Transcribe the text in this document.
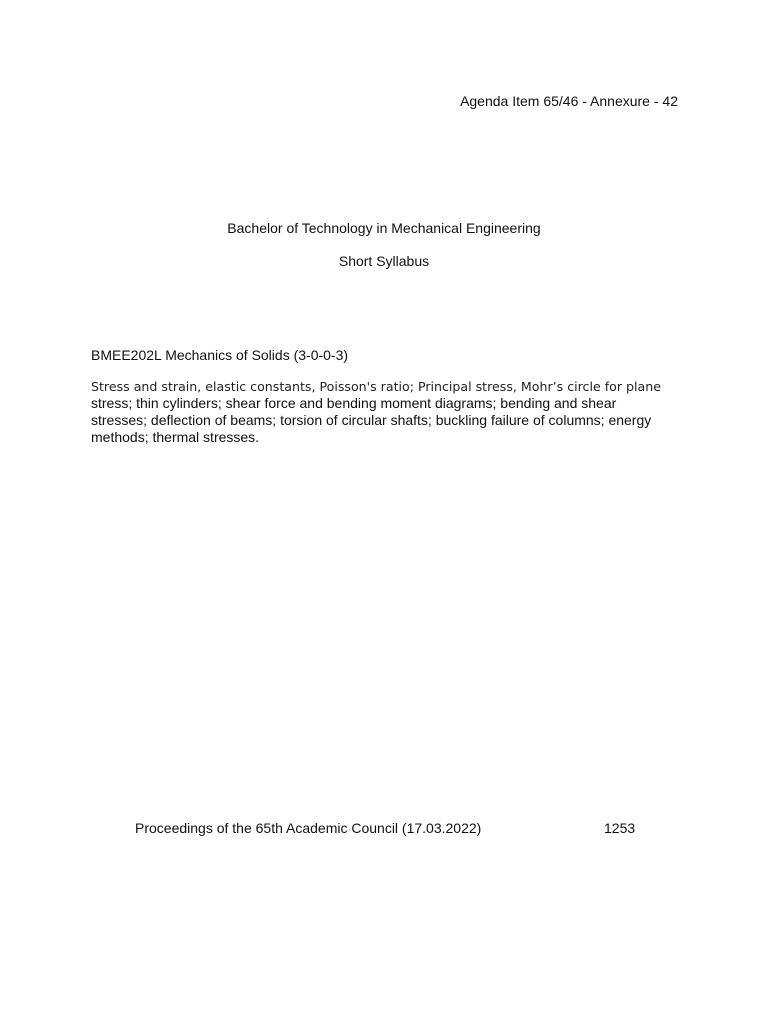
Agenda Item 65/46 - Annexure - 42
Bachelor of Technology in Mechanical Engineering
Short Syllabus
BMEE202L Mechanics of Solids (3-0-0-3)
Stress and strain, elastic constants, Poisson's ratio; Principal stress, Mohr’s circle for plane
stress; thin cylinders; shear force and bending moment diagrams; bending and shear
stresses; deflection of beams; torsion of circular shafts; buckling failure of columns; energy
methods; thermal stresses.
Proceedings of the 65th Academic Council (17.03.2022)	1253
